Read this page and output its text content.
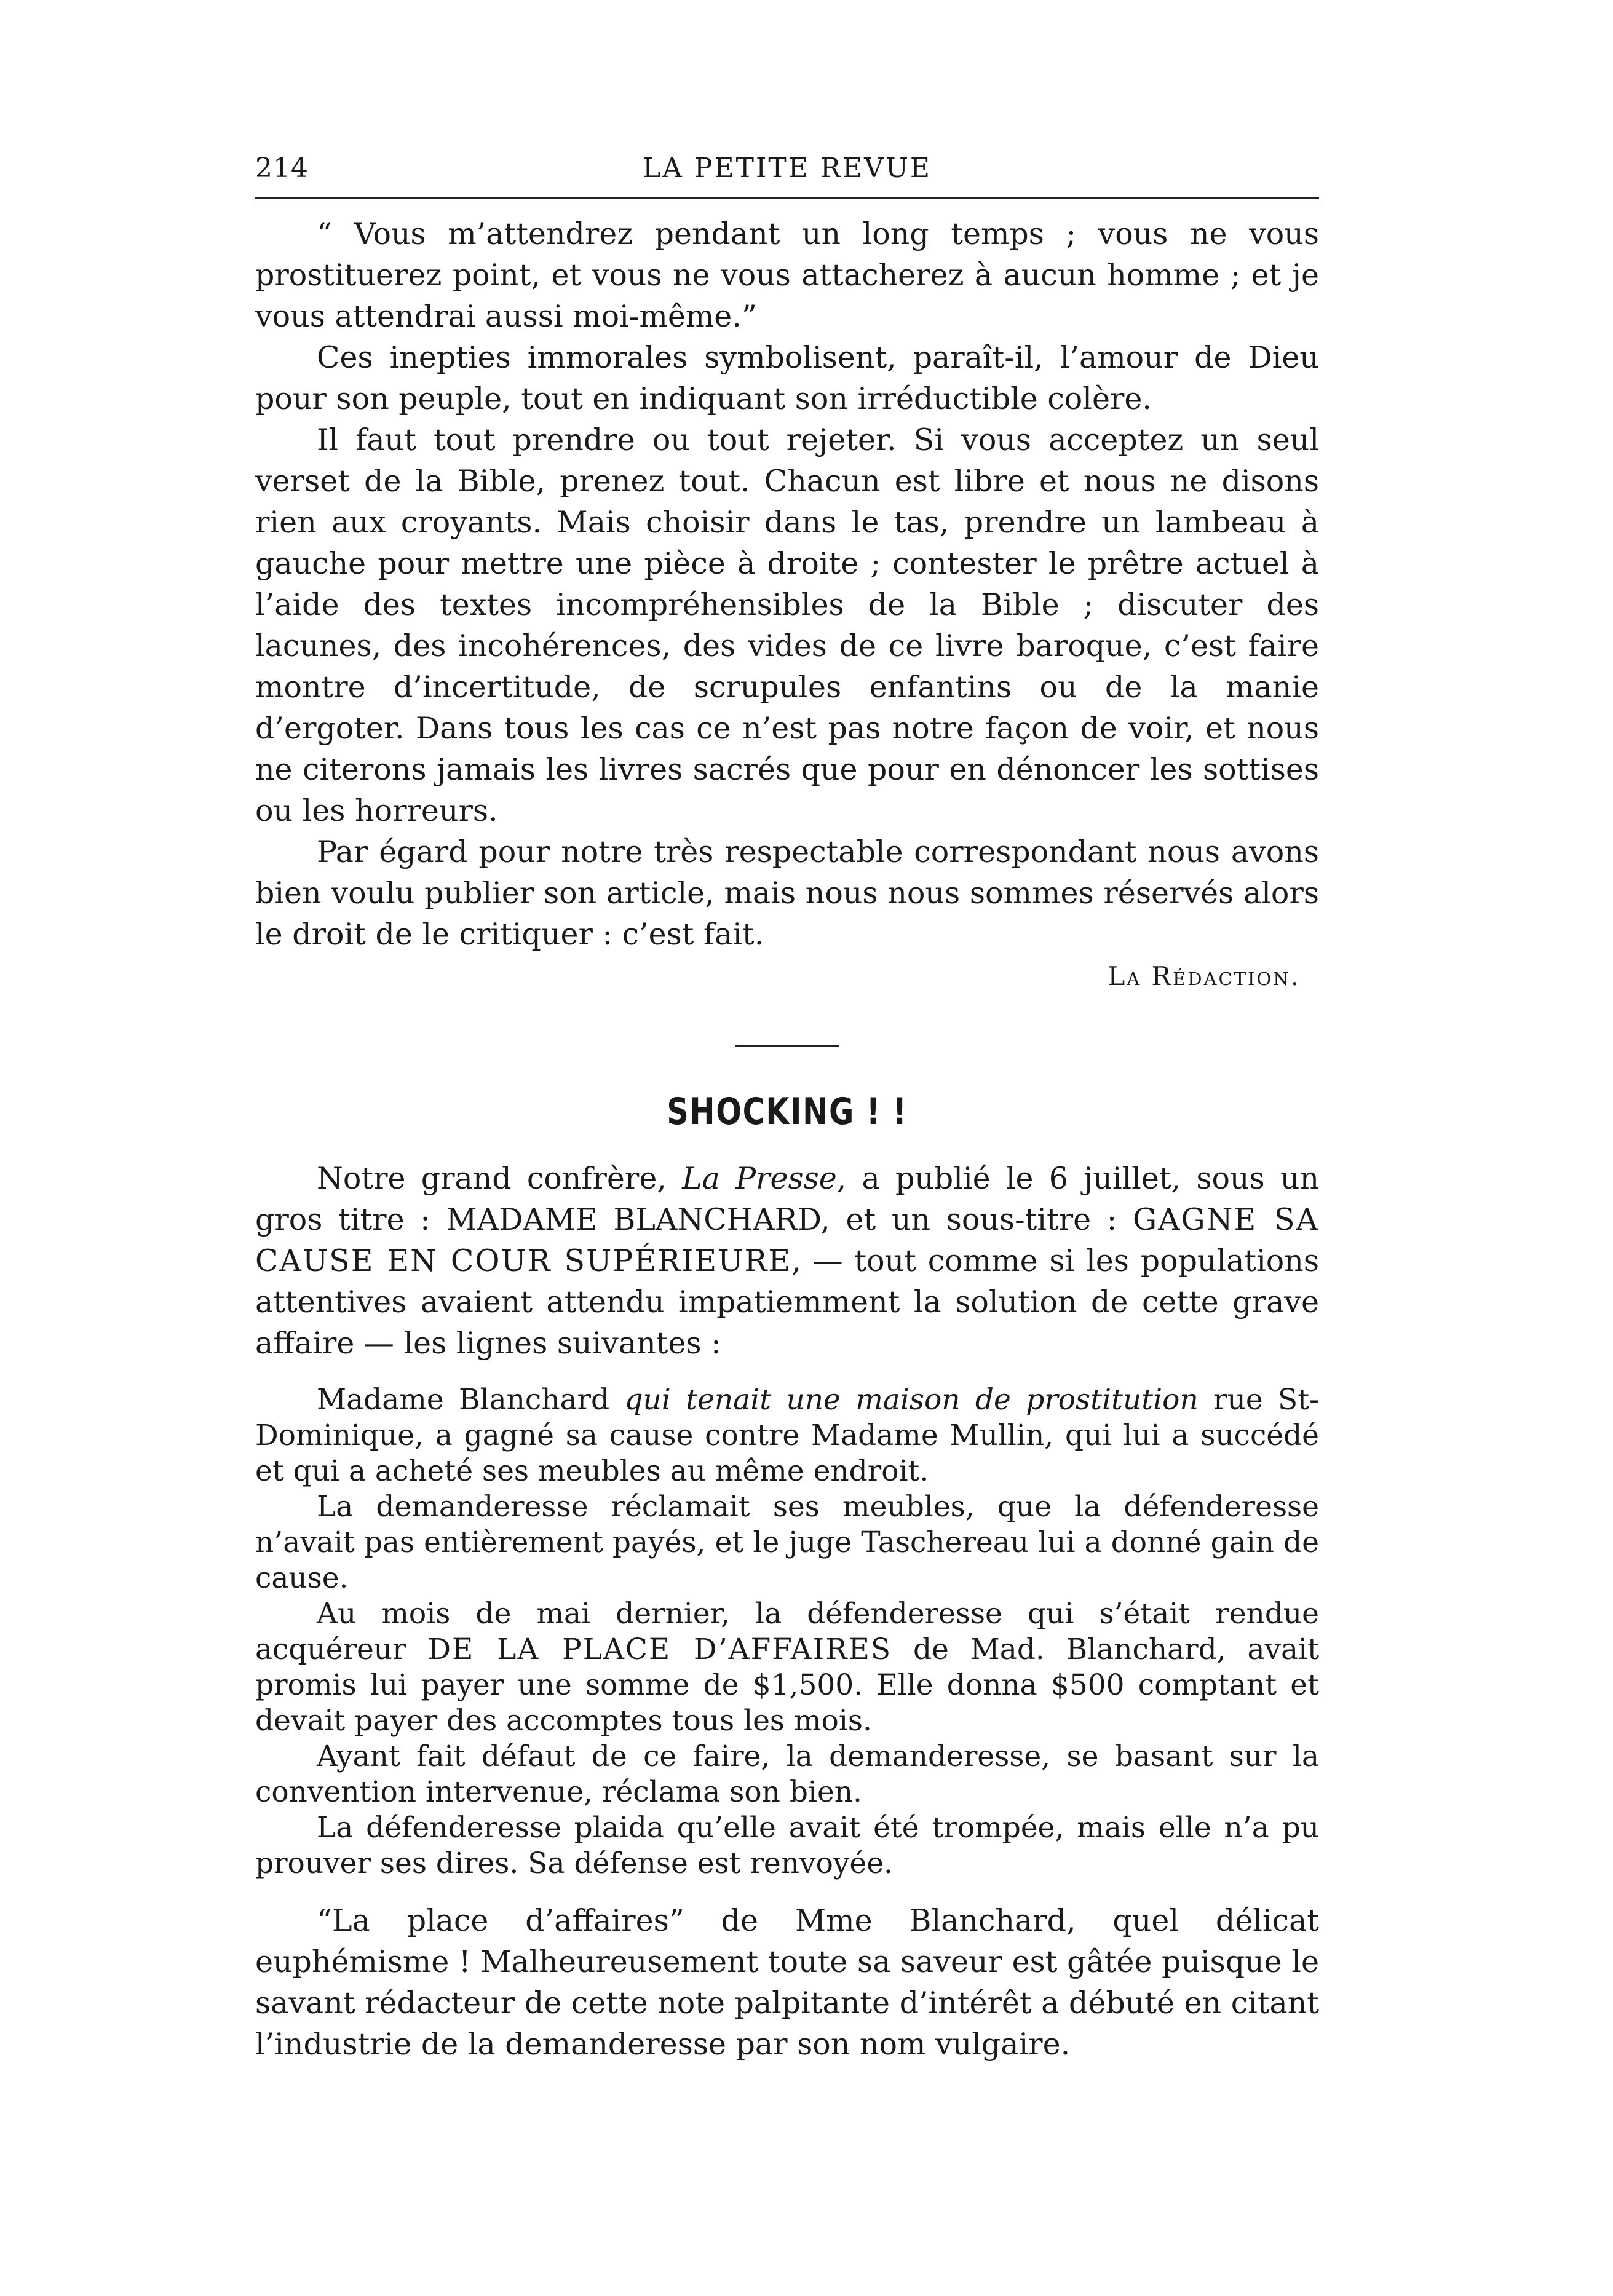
214	LA PETITE REVUE

“ Vous m’attendrez pendant un long temps ; vous ne vous prostituerez point, et vous ne vous attacherez à aucun homme ; et je vous attendrai aussi moi-même.”

Ces inepties immorales symbolisent, paraît-il, l’amour de Dieu pour son peuple, tout en indiquant son irréductible colère.

Il faut tout prendre ou tout rejeter. Si vous acceptez un seul verset de la Bible, prenez tout. Chacun est libre et nous ne disons rien aux croyants. Mais choisir dans le tas, prendre un lambeau à gauche pour mettre une pièce à droite ; contester le prêtre actuel à l’aide des textes incompréhensibles de la Bible ; discuter des lacunes, des incohérences, des vides de ce livre baroque, c’est faire montre d’incertitude, de scrupules enfantins ou de la manie d’ergoter. Dans tous les cas ce n’est pas notre façon de voir, et nous ne citerons jamais les livres sacrés que pour en dénoncer les sottises ou les horreurs.

Par égard pour notre très respectable correspondant nous avons bien voulu publier son article, mais nous nous sommes réservés alors le droit de le critiquer : c’est fait.

La Rédaction.
SHOCKING ! !

Notre grand confrère, La Presse, a publié le 6 juillet, sous un gros titre : MADAME BLANCHARD, et un sous-titre : GAGNE SA CAUSE EN COUR SUPÉRIEURE, — tout comme si les populations attentives avaient attendu impatiemment la solution de cette grave affaire — les lignes suivantes :

Madame Blanchard qui tenait une maison de prostitution rue St-Dominique, a gagné sa cause contre Madame Mullin, qui lui a succédé et qui a acheté ses meubles au même endroit.

La demanderesse réclamait ses meubles, que la défenderesse n’avait pas entièrement payés, et le juge Taschereau lui a donné gain de cause.

Au mois de mai dernier, la défenderesse qui s’était rendue acquéreur DE LA PLACE D’AFFAIRES de Mad. Blanchard, avait promis lui payer une somme de $1,500. Elle donna $500 comptant et devait payer des accomptes tous les mois.

Ayant fait défaut de ce faire, la demanderesse, se basant sur la convention intervenue, réclama son bien.

La défenderesse plaida qu’elle avait été trompée, mais elle n’a pu prouver ses dires. Sa défense est renvoyée.

“La place d’affaires” de Mme Blanchard, quel délicat euphémisme ! Malheureusement toute sa saveur est gâtée puisque le savant rédacteur de cette note palpitante d’intérêt a débuté en citant l’industrie de la demanderesse par son nom vulgaire.
